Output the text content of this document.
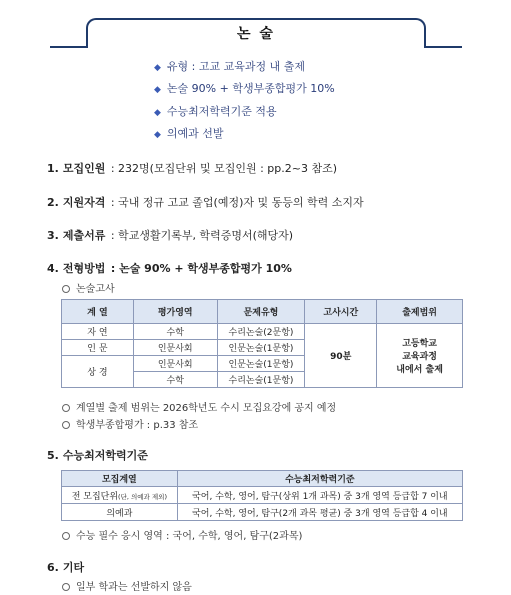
논 술
◆ 유형 : 고교 교육과정 내 출제
◆ 논술 90% + 학생부종합평가 10%
◆ 수능최저학력기준 적용
◆ 의예과 선발
1. 모집인원 : 232명(모집단위 및 모집인원 : pp.2~3 참조)
2. 지원자격 : 국내 정규 고교 졸업(예정)자 및 동등의 학력 소지자
3. 제출서류 : 학교생활기록부, 학력증명서(해당자)
4. 전형방법 : 논술 90% + 학생부종합평가 10%
논술고사
계 열	평가영역	문제유형	고사시간	출제범위
자 연	수학	수리논술(2문항)	90분	고등학교
교육과정
내에서 출제

인 문	인문사회	인문논술(1문항)		
상 경	인문사회	인문논술(1문항)		
	수학	수리논술(1문항)		
계열별 출제 범위는 2026학년도 수시 모집요강에 공지 예정
학생부종합평가 : p.33 참조
5. 수능최저학력기준
모집계열	수능최저학력기준
전 모집단위(단, 의예과 제외)	국어, 수학, 영어, 탐구(상위 1개 과목) 중 3개 영역 등급합 7 이내
의예과	국어, 수학, 영어, 탐구(2개 과목 평균) 중 3개 영역 등급합 4 이내
수능 필수 응시 영역 : 국어, 수학, 영어, 탐구(2과목)
6. 기타
일부 학과는 선발하지 않음
